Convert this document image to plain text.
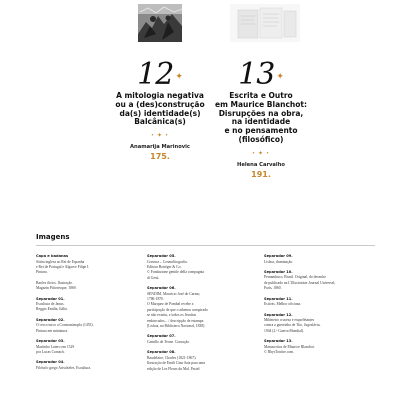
12 ✦
A mitologia negativa
ou a (des)construção
da(s) identidade(s)
Balcânica(s)
• ✦ •
Anamarija Marinovic
175.
13 ✦
Escrita e Outro
em Maurice Blanchot:
Disrupções na obra,
na identidade
e no pensamento
(filosófico)
• ✦ •
Helena Carvalho
191.
Imagens
Capa e badanas
Sátira inglesa ao Rei de Espanha
e Rei de Portugal e Algarve Filipe I.
Pintura.
Barões ilirios. Ilustração.
Magazin Pittoresque, 1869.
Separador 01.
Escultura de Janus.
Reggio Emilia, Itália.
Separador 02.
O cerco turco a Constantinopla (1453).
Pintura em miniatura.
Separador 03.
Martinho Lutero em 1529
por Lucas Cranach.
Separador 04.
Filósofo grego Aristóteles. Escultura.
Separador 05.
Gravura – Cosmolitografia.
Editora Bottéger & Co.
© Fondazione gentile della compagnia
di Gesù.
Separador 06.
SENDIM, Maurício José do Carmo,
1786-1870.
O Marquez de Pombal recebe a
participação de que o atheneu conspirado
se não existiu, e todos os Jesuítas
embarcados... / descripção de estampa
[Lisboa, na Biblioteca Nacional, 1838].
Separador 07.
Camillo de Teone. Gravação.
Separador 08.
Baudelaire, Charles (1821-1867).
Ilustração de Emili Gina Saia para uma
edição de Les Fleurs du Mal. Pastel.
Separador 09.
Lisboa, iluminação.
Separador 10.
Pernambuco, Brasil. Original, do desenho
de publicado na L'Illustration Journal Universel,
Paris, 1860.
Separador 11.
Estivas. Melhor oficiana.
Separador 12.
Milímetro crucesa e esquelétantes
contra a guerrinha de Tito, Jugoslávia,
1944 (2.ª Guerra Mundial).
Separador 13.
Manuscritos de Maurice Blanchot.
© RhysTonitre.com.
